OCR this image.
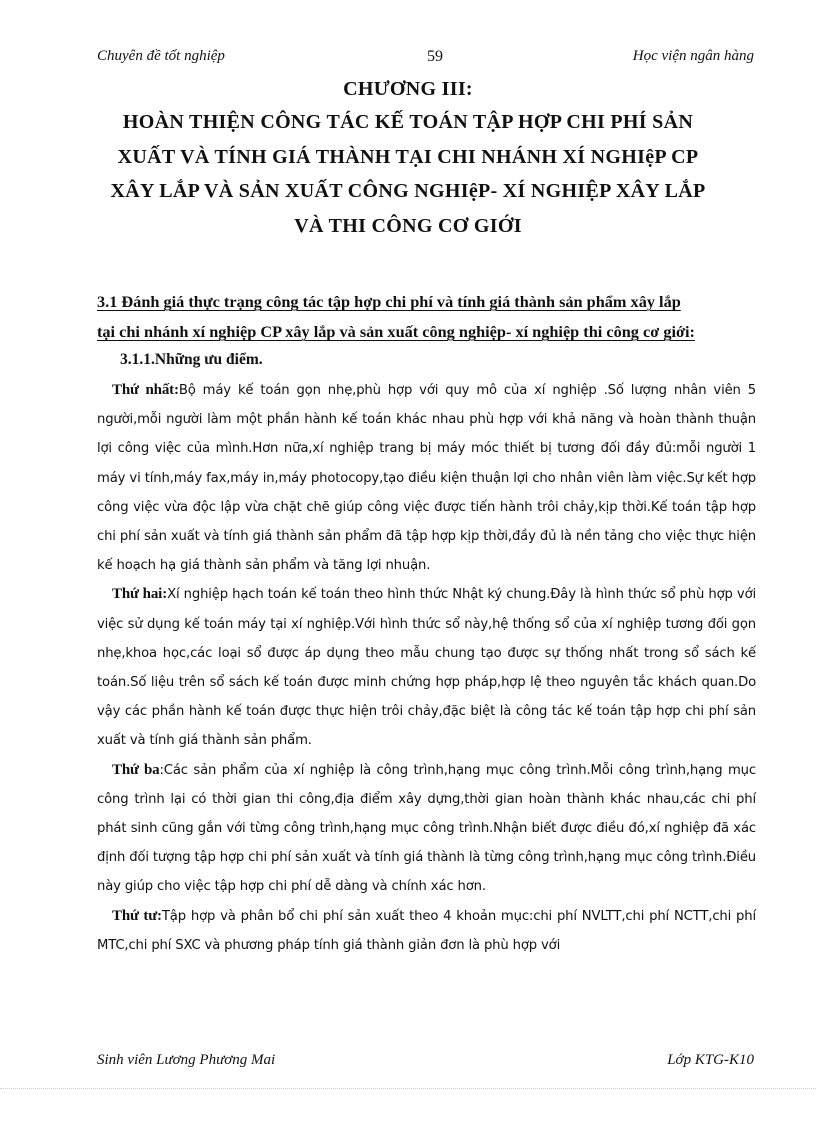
Chuyên đề tốt nghiệp	59	Học viện ngân hàng
CHƯƠNG III:
HOÀN THIỆN CÔNG TÁC KẾ TOÁN TẬP HỢP CHI PHÍ SẢN
XUẤT VÀ TÍNH GIÁ THÀNH TẠI CHI NHÁNH XÍ NGHIệP CP
XÂY LẮP VÀ SẢN XUẤT CÔNG NGHIệP- XÍ NGHIỆP XÂY LẮP
VÀ THI CÔNG CƠ GIỚI
3.1 Đánh giá thực trạng công tác tập hợp chi phí và tính giá thành sản phẩm xây lắp
tại chi nhánh xí nghiệp CP xây lắp và sản xuất công nghiệp- xí nghiệp thi công cơ giới:
3.1.1.Những ưu điểm.

Thứ nhất:Bộ máy kế toán gọn nhẹ,phù hợp với quy mô của xí nghiệp .Số lượng nhân viên 5 người,mỗi người làm một phần hành kế toán khác nhau phù hợp với khả năng và hoàn thành thuận lợi công việc của mình.Hơn nữa,xí nghiệp trang bị máy móc thiết bị tương đối đầy đủ:mỗi người 1 máy vi tính,máy fax,máy in,máy photocopy,tạo điều kiện thuận lợi cho nhân viên làm việc.Sự kết hợp công việc vừa độc lập vừa chặt chẽ giúp công việc được tiến hành trôi chảy,kịp thời.Kế toán tập hợp chi phí sản xuất và tính giá thành sản phẩm đã tập hợp kịp thời,đầy đủ là nền tảng cho việc thực hiện kế hoạch hạ giá thành sản phẩm và tăng lợi nhuận.

Thứ hai:Xí nghiệp hạch toán kế toán theo hình thức Nhật ký chung.Đây là hình thức sổ phù hợp với việc sử dụng kế toán máy tại xí nghiệp.Với hình thức sổ này,hệ thống sổ của xí nghiệp tương đối gọn nhẹ,khoa học,các loại sổ được áp dụng theo mẫu chung tạo được sự thống nhất trong sổ sách kế toán.Số liệu trên sổ sách kế toán được minh chứng hợp pháp,hợp lệ theo nguyên tắc khách quan.Do vậy các phần hành kế toán được thực hiện trôi chảy,đặc biệt là công tác kế toán tập hợp chi phí sản xuất và tính giá thành sản phẩm.

Thứ ba:Các sản phẩm của xí nghiệp là công trình,hạng mục công trình.Mỗi công trình,hạng mục công trình lại có thời gian thi công,địa điểm xây dựng,thời gian hoàn thành khác nhau,các chi phí phát sinh cũng gắn với từng công trình,hạng mục công trình.Nhận biết được điều đó,xí nghiệp đã xác định đối tượng tập hợp chi phí sản xuất và tính giá thành là từng công trình,hạng mục công trình.Điều này giúp cho việc tập hợp chi phí dễ dàng và chính xác hơn.

Thứ tư:Tập hợp và phân bổ chi phí sản xuất theo 4 khoản mục:chi phí NVLTT,chi phí NCTT,chi phí MTC,chi phí SXC và phương pháp tính giá thành giản đơn là phù hợp với

Sinh viên Lương Phương Mai	Lớp KTG-K10
